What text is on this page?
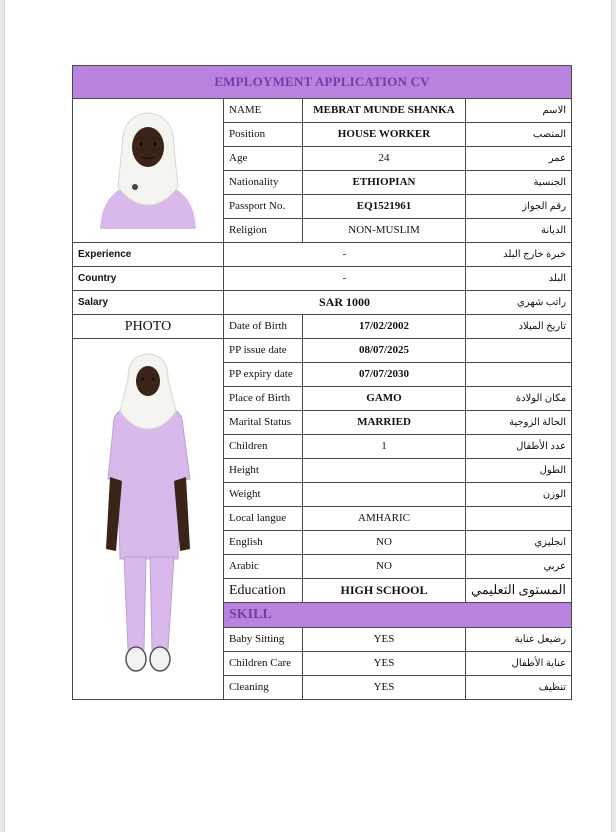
EMPLOYMENT APPLICATION CV			

	NAME	MEBRAT MUNDE SHANKA	الاسم
	Position	HOUSE WORKER	المنصب
	Age	24	عمر
	Nationality	ETHIOPIAN	الجنسية
	Passport No.	EQ1521961	رقم الجواز
	Religion	NON-MUSLIM	الديانة
Experience	-		خبرة خارج البلد
Country	-		البلد
Salary	SAR 1000		راتب شهري
PHOTO	Date of Birth	17/02/2002	تاريخ الميلاد

	PP issue date	08/07/2025	
	PP expiry date	07/07/2030	
	Place of Birth	GAMO	مكان الولادة
	Marital Status	MARRIED	الحالة الزوجية
	Children	1	عدد الأطفال
	Height		الطول
	Weight		الوزن
	Local langue	AMHARIC	
	English	NO	انجليزي
	Arabic	NO	عربي
	Education	HIGH SCHOOL	المستوى التعليمي
	SKILL		
	Baby Sitting	YES	رضيعل عناية
	Children Care	YES	عناية الأطفال
	Cleaning	YES	تنظيف
